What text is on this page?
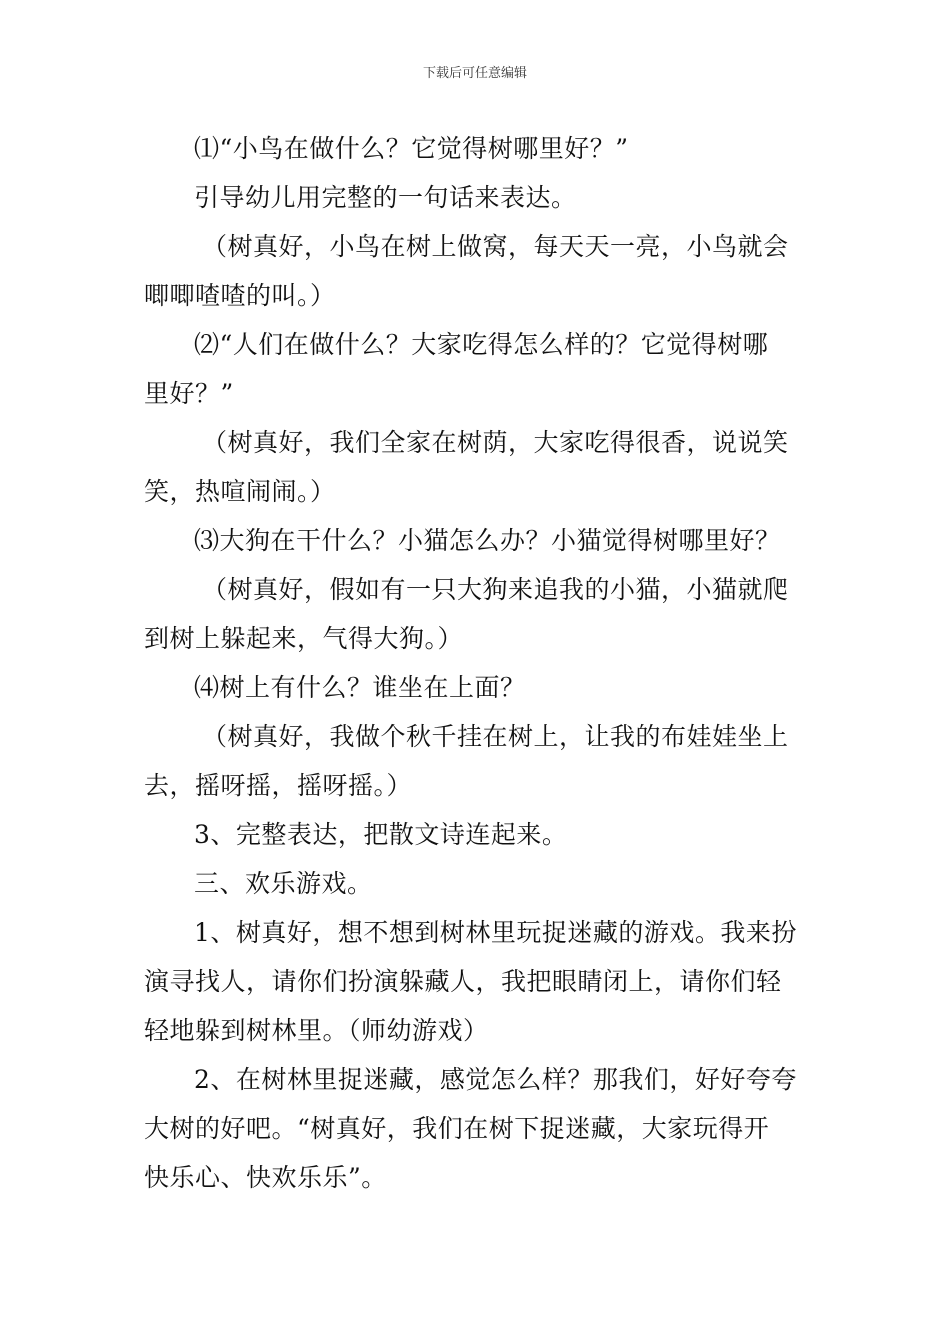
下载后可任意编辑
⑴“小鸟在做什么？它觉得树哪里好？”
引导幼儿用完整的一句话来表达。
（树真好，小鸟在树上做窝，每天天一亮，小鸟就会
唧唧喳喳的叫。）
⑵“人们在做什么？大家吃得怎么样的？它觉得树哪
里好？”
（树真好，我们全家在树荫，大家吃得很香，说说笑
笑，热喧闹闹。）
⑶大狗在干什么？小猫怎么办？小猫觉得树哪里好？
（树真好，假如有一只大狗来追我的小猫，小猫就爬
到树上躲起来，气得大狗。）
⑷树上有什么？谁坐在上面？
（树真好，我做个秋千挂在树上，让我的布娃娃坐上
去，摇呀摇，摇呀摇。）
3、完整表达，把散文诗连起来。
三、欢乐游戏。
1、树真好，想不想到树林里玩捉迷藏的游戏。我来扮
演寻找人，请你们扮演躲藏人，我把眼睛闭上，请你们轻
轻地躲到树林里。（师幼游戏）
2、在树林里捉迷藏，感觉怎么样？那我们，好好夸夸
大树的好吧。“树真好，我们在树下捉迷藏，大家玩得开
快乐心、快欢乐乐”。
